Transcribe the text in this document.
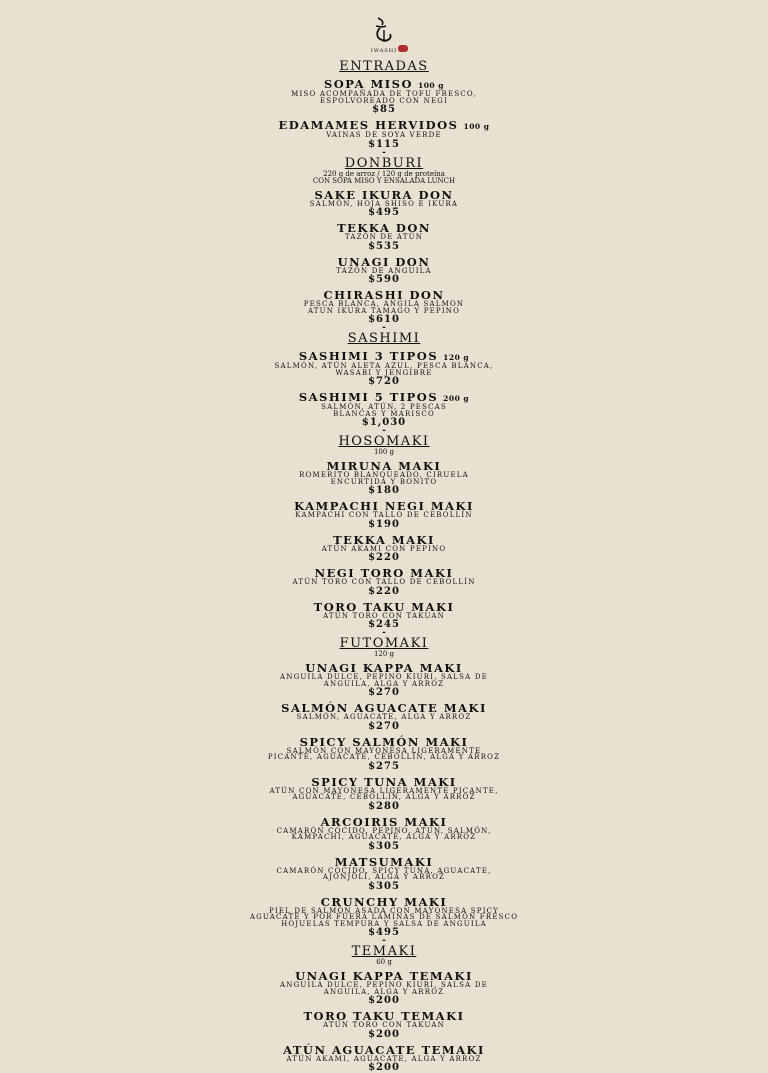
IWASHI
ENTRADAS
SOPA MISO 100 g
MISO ACOMPAÑADA DE TOFU FRESCO,
ESPOLVOREADO CON NEGI
$85
EDAMAMES HERVIDOS 100 g
VAINAS DE SOYA VERDE
$115
-
DONBURI
220 g de arroz / 120 g de proteína
CON SOPA MISO Y ENSALADA LUNCH
SAKE IKURA DON
SALMÓN, HOJA SHISO E IKURA
$495
TEKKA DON
TAZÓN DE ATÚN
$535
UNAGI DON
TAZÓN DE ANGUILA
$590
CHIRASHI DON
PESCA BLANCA, ANGILA SALMON
ATUN IKURA TAMAGO Y PEPINO
$610
-
SASHIMI
SASHIMI 3 TIPOS 120 g
SALMÓN, ATÚN ALETA AZUL, PESCA BLANCA,
WASABI Y JENGIBRE
$720
SASHIMI 5 TIPOS 200 g
SALMÓN, ATÚN, 2 PESCAS
BLANCAS Y MARISCO
$1,030
-
HOSOMAKI
100 g
MIRUNA MAKI
ROMERITO BLANQUEADO, CIRUELA
ENCURTIDA Y BONITO
$180
KAMPACHI NEGI MAKI
KAMPACHI CON TALLO DE CEBOLLÍN
$190
TEKKA MAKI
ATÚN AKAMI CON PEPINO
$220
NEGI TORO MAKI
ATÚN TORO CON TALLO DE CEBOLLÍN
$220
TORO TAKU MAKI
ATÚN TORO CON TAKUAN
$245
-
FUTOMAKI
120 g
UNAGI KAPPA MAKI
ANGUILA DULCE, PEPINO KIURI, SALSA DE
ANGUILA, ALGA Y ARROZ
$270
SALMÓN AGUACATE MAKI
SALMÓN, AGUACATE, ALGA Y ARROZ
$270
SPICY SALMÓN MAKI
SALMÓN CON MAYONESA LIGERAMENTE
PICANTE, AGUACATE, CEBOLLÍN, ALGA Y ARROZ
$275
SPICY TUNA MAKI
ATÚN CON MAYONESA LIGERAMENTE PICANTE,
AGUACATE, CEBOLLÍN, ALGA Y ARROZ
$280
ARCOIRIS MAKI
CAMARÓN COCIDO, PEPINO, ATÚN, SALMÓN,
KAMPACHI, AGUACATE, ALGA Y ARROZ
$305
MATSUMAKI
CAMARÓN COCIDO, SPICY TUNA, AGUACATE,
AJONJOLÍ, ALGA Y ARROZ
$305
CRUNCHY MAKI
PIEL DE SALMÓN ASADA CON MAYONESA SPICY
AGUACATE Y POR FUERA LÁMINAS DE SALMÓN FRESCO
HOJUELAS TEMPURA Y SALSA DE ANGUILA
$495
-
TEMAKI
60 g
UNAGI KAPPA TEMAKI
ANGUILA DULCE, PEPINO KIURI, SALSA DE
ANGUILA, ALGA Y ARROZ
$200
TORO TAKU TEMAKI
ATÚN TORO CON TAKUAN
$200
ATÚN AGUACATE TEMAKI
ATÚN AKAMI, AGUACATE, ALGA Y ARROZ
$200
